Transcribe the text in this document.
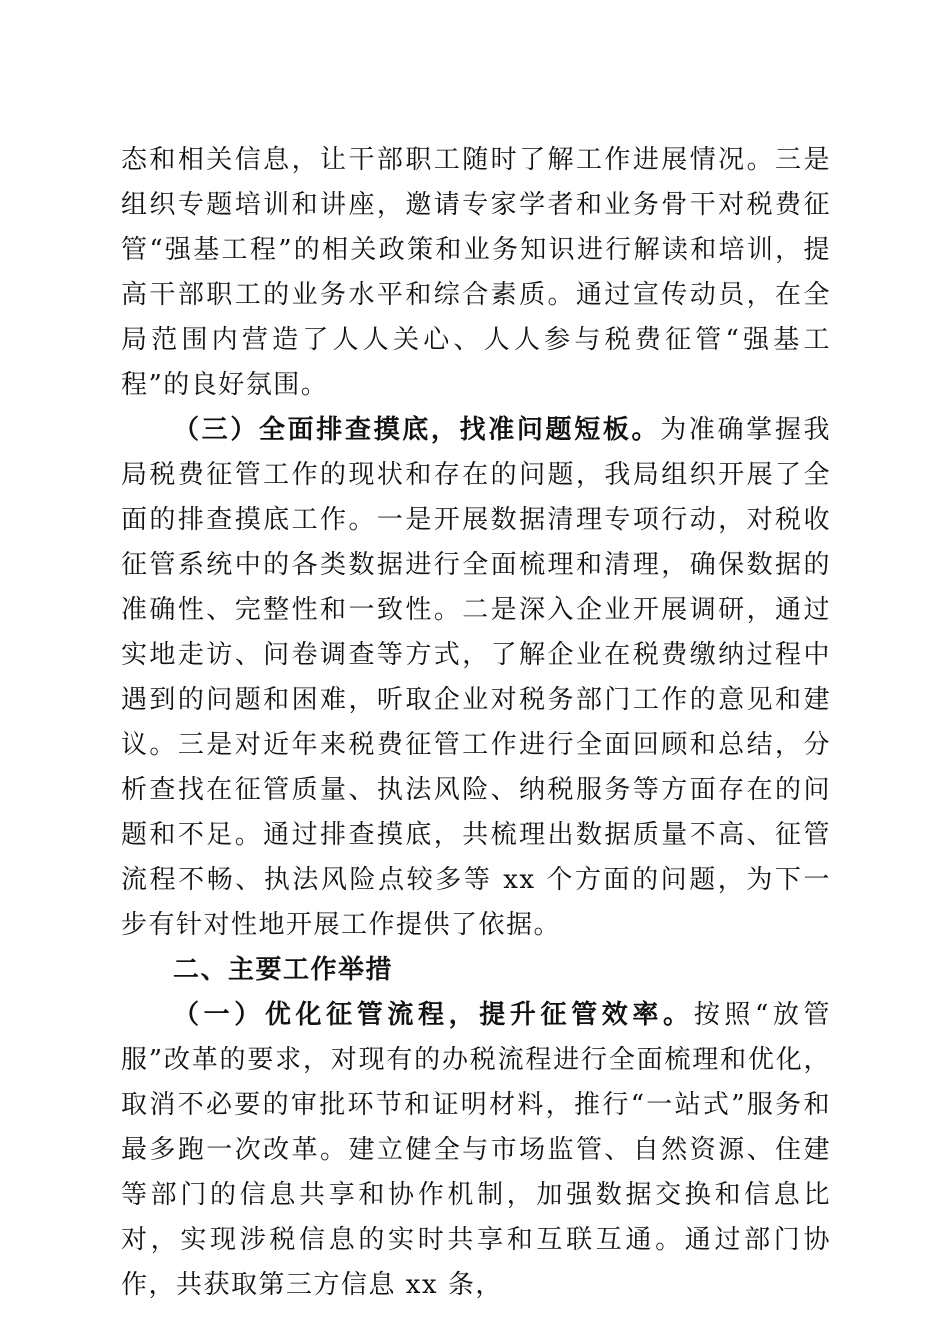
态和相关信息，让干部职工随时了解工作进展情况。三是组织专题培训和讲座，邀请专家学者和业务骨干对税费征管“强基工程”的相关政策和业务知识进行解读和培训，提高干部职工的业务水平和综合素质。通过宣传动员，在全局范围内营造了人人关心、人人参与税费征管“强基工程”的良好氛围。

（三）全面排查摸底，找准问题短板。为准确掌握我局税费征管工作的现状和存在的问题，我局组织开展了全面的排查摸底工作。一是开展数据清理专项行动，对税收征管系统中的各类数据进行全面梳理和清理，确保数据的准确性、完整性和一致性。二是深入企业开展调研，通过实地走访、问卷调查等方式，了解企业在税费缴纳过程中遇到的问题和困难，听取企业对税务部门工作的意见和建议。三是对近年来税费征管工作进行全面回顾和总结，分析查找在征管质量、执法风险、纳税服务等方面存在的问题和不足。通过排查摸底，共梳理出数据质量不高、征管流程不畅、执法风险点较多等 xx 个方面的问题，为下一步有针对性地开展工作提供了依据。

二、主要工作举措

（一）优化征管流程，提升征管效率。按照“放管服”改革的要求，对现有的办税流程进行全面梳理和优化，取消不必要的审批环节和证明材料，推行“一站式”服务和最多跑一次改革。建立健全与市场监管、自然资源、住建等部门的信息共享和协作机制，加强数据交换和信息比对，实现涉税信息的实时共享和互联互通。通过部门协作，共获取第三方信息 xx 条，
